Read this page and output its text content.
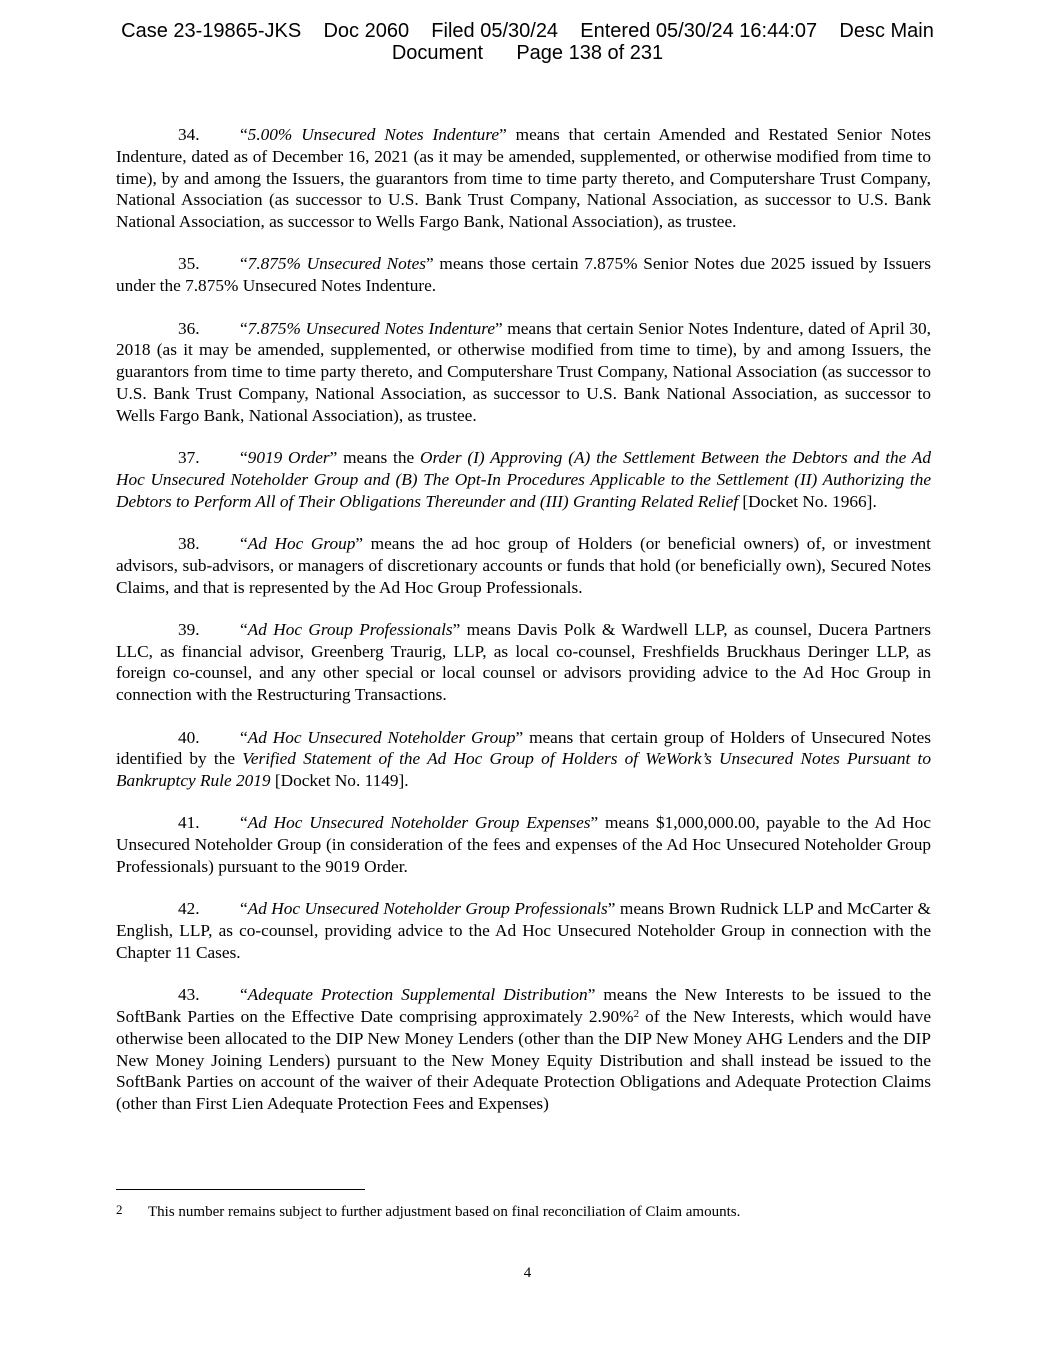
Case 23-19865-JKS    Doc 2060    Filed 05/30/24    Entered 05/30/24 16:44:07    Desc Main
Document      Page 138 of 231

34. “5.00% Unsecured Notes Indenture” means that certain Amended and Restated Senior Notes Indenture, dated as of December 16, 2021 (as it may be amended, supplemented, or otherwise modified from time to time), by and among the Issuers, the guarantors from time to time party thereto, and Computershare Trust Company, National Association (as successor to U.S. Bank Trust Company, National Association, as successor to U.S. Bank National Association, as successor to Wells Fargo Bank, National Association), as trustee.

35. “7.875% Unsecured Notes” means those certain 7.875% Senior Notes due 2025 issued by Issuers under the 7.875% Unsecured Notes Indenture.

36. “7.875% Unsecured Notes Indenture” means that certain Senior Notes Indenture, dated of April 30, 2018 (as it may be amended, supplemented, or otherwise modified from time to time), by and among Issuers, the guarantors from time to time party thereto, and Computershare Trust Company, National Association (as successor to U.S. Bank Trust Company, National Association, as successor to U.S. Bank National Association, as successor to Wells Fargo Bank, National Association), as trustee.

37. “9019 Order” means the Order (I) Approving (A) the Settlement Between the Debtors and the Ad Hoc Unsecured Noteholder Group and (B) The Opt-In Procedures Applicable to the Settlement (II) Authorizing the Debtors to Perform All of Their Obligations Thereunder and (III) Granting Related Relief [Docket No. 1966].

38. “Ad Hoc Group” means the ad hoc group of Holders (or beneficial owners) of, or investment advisors, sub-advisors, or managers of discretionary accounts or funds that hold (or beneficially own), Secured Notes Claims, and that is represented by the Ad Hoc Group Professionals.

39. “Ad Hoc Group Professionals” means Davis Polk & Wardwell LLP, as counsel, Ducera Partners LLC, as financial advisor, Greenberg Traurig, LLP, as local co-counsel, Freshfields Bruckhaus Deringer LLP, as foreign co-counsel, and any other special or local counsel or advisors providing advice to the Ad Hoc Group in connection with the Restructuring Transactions.

40. “Ad Hoc Unsecured Noteholder Group” means that certain group of Holders of Unsecured Notes identified by the Verified Statement of the Ad Hoc Group of Holders of WeWork’s Unsecured Notes Pursuant to Bankruptcy Rule 2019 [Docket No. 1149].

41. “Ad Hoc Unsecured Noteholder Group Expenses” means $1,000,000.00, payable to the Ad Hoc Unsecured Noteholder Group (in consideration of the fees and expenses of the Ad Hoc Unsecured Noteholder Group Professionals) pursuant to the 9019 Order.

42. “Ad Hoc Unsecured Noteholder Group Professionals” means Brown Rudnick LLP and McCarter & English, LLP, as co-counsel, providing advice to the Ad Hoc Unsecured Noteholder Group in connection with the Chapter 11 Cases.

43. “Adequate Protection Supplemental Distribution” means the New Interests to be issued to the SoftBank Parties on the Effective Date comprising approximately 2.90%$^2$ of the New Interests, which would have otherwise been allocated to the DIP New Money Lenders (other than the DIP New Money AHG Lenders and the DIP New Money Joining Lenders) pursuant to the New Money Equity Distribution and shall instead be issued to the SoftBank Parties on account of the waiver of their Adequate Protection Obligations and Adequate Protection Claims (other than First Lien Adequate Protection Fees and Expenses)

2 This number remains subject to further adjustment based on final reconciliation of Claim amounts.
4
